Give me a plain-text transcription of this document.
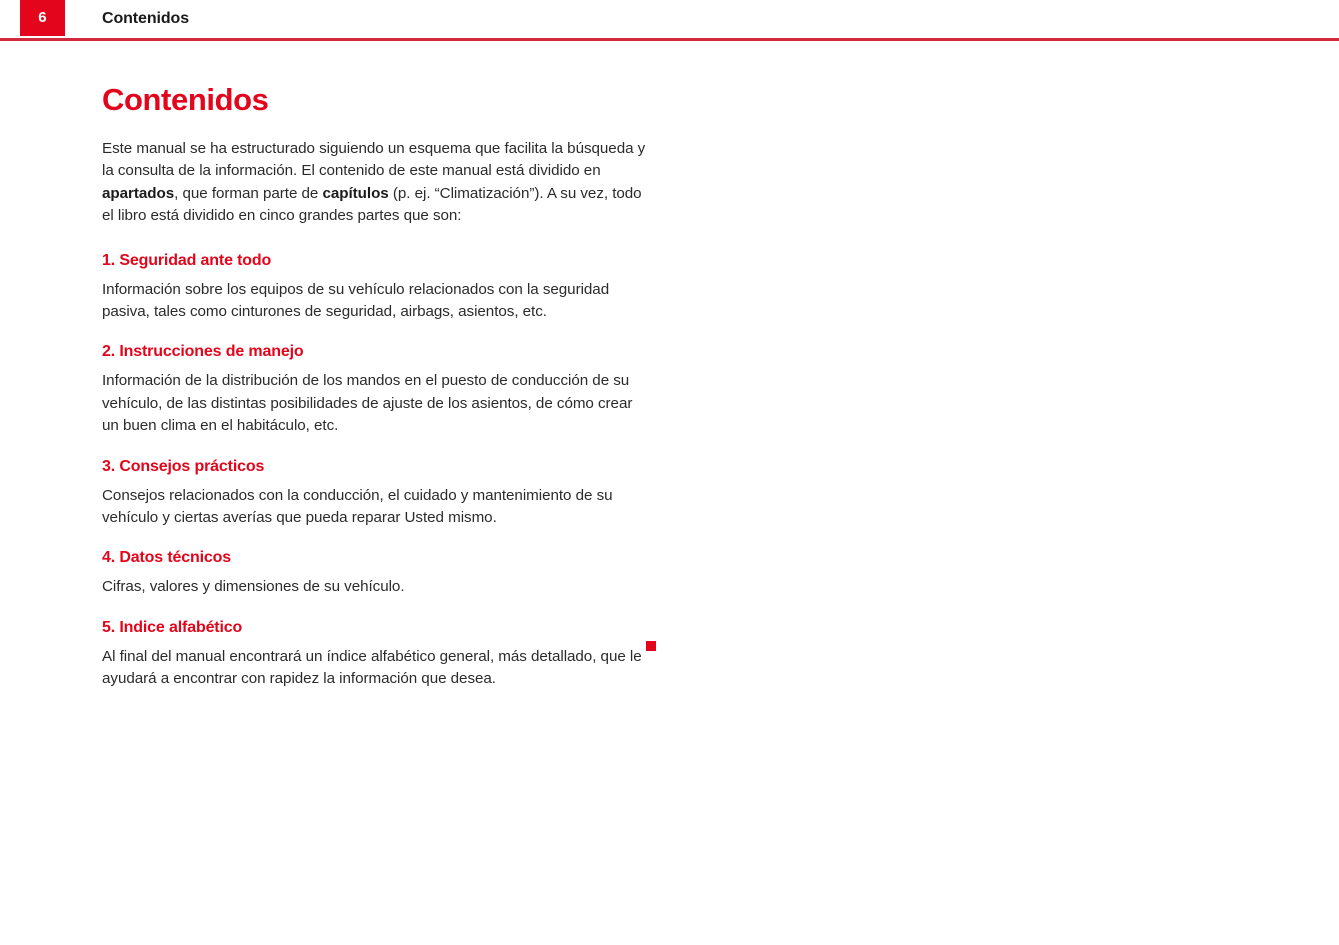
6	Contenidos
Contenidos

Este manual se ha estructurado siguiendo un esquema que facilita la búsqueda y la consulta de la información. El contenido de este manual está dividido en apartados, que forman parte de capítulos (p. ej. “Climatización”). A su vez, todo el libro está dividido en cinco grandes partes que son:

1. Seguridad ante todo

Información sobre los equipos de su vehículo relacionados con la seguridad pasiva, tales como cinturones de seguridad, airbags, asientos, etc.

2. Instrucciones de manejo

Información de la distribución de los mandos en el puesto de conducción de su vehículo, de las distintas posibilidades de ajuste de los asientos, de cómo crear un buen clima en el habitáculo, etc.

3. Consejos prácticos

Consejos relacionados con la conducción, el cuidado y mantenimiento de su vehículo y ciertas averías que pueda reparar Usted mismo.

4. Datos técnicos

Cifras, valores y dimensiones de su vehículo.

5. Indice alfabético

Al final del manual encontrará un índice alfabético general, más detallado, que le ayudará a encontrar con rapidez la información que desea.
